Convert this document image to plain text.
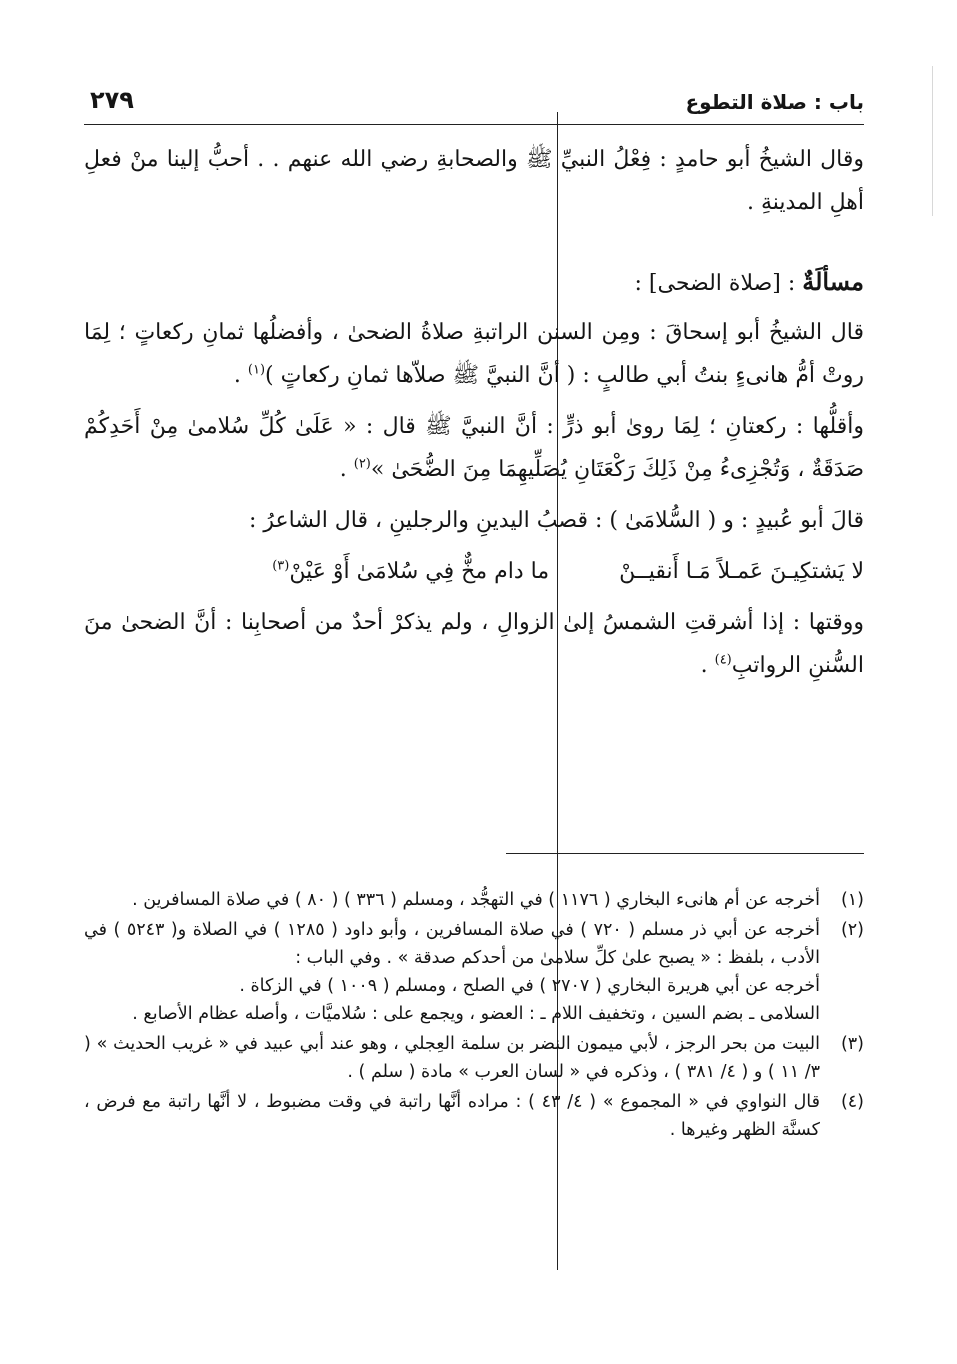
باب : صلاة التطوع
٢٧٩

وقال الشيخُ أبو حامدٍ : فِعْلُ النبيِّ ﷺ والصحابةِ رضي الله عنهم . . أحبُّ إلينا منْ فعلِ أهلِ المدينةِ .

مسألَةٌ : [صلاة الضحى] :

قال الشيخُ أبو إسحاقَ : ومِن السنن الراتبةِ صلاةُ الضحىٰ ، وأفضلُها ثمانِ ركعاتٍ ؛ لِمَا روتْ أمُّ هانىءٍ بنتُ أبي طالبٍ : ( أنَّ النبيَّ ﷺ صلاّها ثمانِ ركعاتٍ )$^{(١)}$ .

وأقلُّها : ركعتانِ ؛ لِمَا روىٰ أبو ذرٍّ : أنَّ النبيَّ ﷺ قال : « عَلَىٰ كُلِّ سُلامىٰ مِنْ أَحَدِكُمْ صَدَقَةٌ ، وَتُجْزِىءُ مِنْ ذَلِكَ رَكْعَتَانِ يُصَلِّيهِمَا مِنَ الضُّحَىٰ »$^{(٢)}$ .

قالَ أبو عُبيدٍ : و ( السُّلامَىٰ ) : قصبُ اليدينِ والرجلينِ ، قال الشاعرُ :

لا يَشتكِيـنَ عَمـلاً مَـا أَنقيــنْ
ما دام مخٌّ فِي سُلامَىٰ أَوْ عَيْنْ$^{(٣)}$

ووقتها : إذا أشرقتِ الشمسُ إلىٰ الزوالِ ، ولم يذكرْ أحدٌ من أصحابِنا : أنَّ الضحىٰ منَ السُّننِ الرواتبِ$^{(٤)}$ .

(١)

أخرجه عن أم هانىء البخاري ( ١١٧٦ ) في التهجُّد ، ومسلم ( ٣٣٦ ) ( ٨٠ ) في صلاة المسافرين .

(٢)

أخرجه عن أبي ذر مسلم ( ٧٢٠ ) في صلاة المسافرين ، وأبو داود ( ١٢٨٥ ) في الصلاة و( ٥٢٤٣ ) في الأدب ، بلفظ : « يصبح علىٰ كلِّ سلامىٰ من أحدكم صدقة » . وفي الباب :

أخرجه عن أبي هريرة البخاري ( ٢٧٠٧ ) في الصلح ، ومسلم ( ١٠٠٩ ) في الزكاة .

السلامى ـ بضم السين ، وتخفيف اللام ـ : العضو ، ويجمع على : سُلاميَّات ، وأصله عظام الأصابع .

(٣)

البيت من بحر الرجز ، لأبي ميمون النضر بن سلمة العِجلي ، وهو عند أبي عبيد في « غريب الحديث » ( ٣/ ١١ ) و ( ٤/ ٣٨١ ) ، وذكره في « لسان العرب » مادة ( سلم ) .

(٤)

قال النواوي في « المجموع » ( ٤/ ٤٣ ) : مراده أنَّها راتبة في وقت مضبوط ، لا أنَّها راتبة مع فرض ، كسنَّة الظهر وغيرها .
